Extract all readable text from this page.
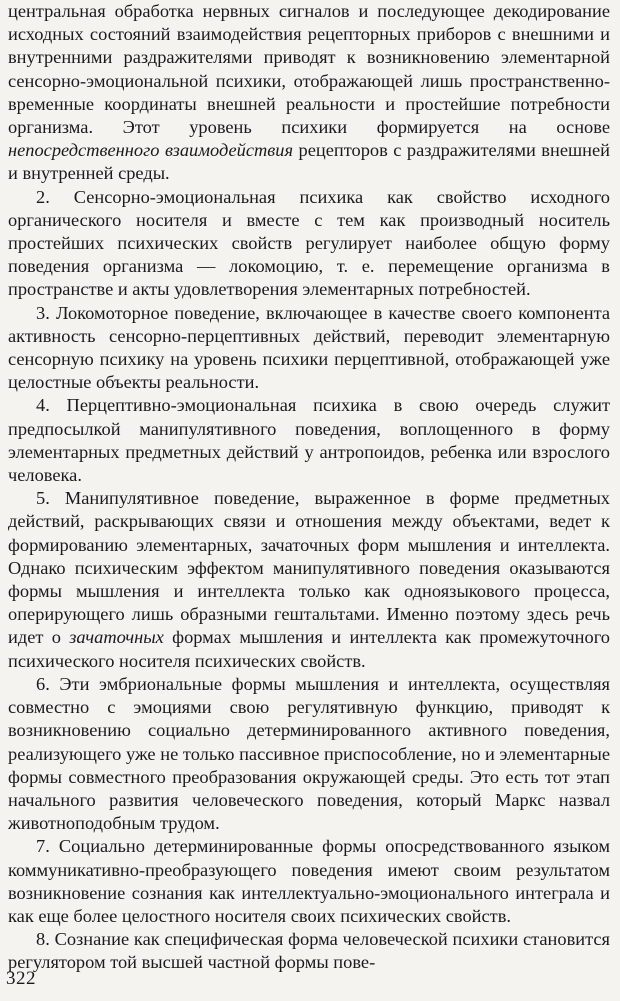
центральная обработка нервных сигналов и последующее декодирование исходных состояний взаимодействия рецепторных приборов с внешними и внутренними раздражителями приводят к возникновению элементарной сенсорно-эмоциональной психики, отображающей лишь пространственно-временные координаты внешней реальности и простейшие потребности организма. Этот уровень психики формируется на основе непосредственного взаимодействия рецепторов с раздражителями внешней и внутренней среды.

2. Сенсорно-эмоциональная психика как свойство исходного органического носителя и вместе с тем как производный носитель простейших психических свойств регулирует наиболее общую форму поведения организма — локомоцию, т. е. перемещение организма в пространстве и акты удовлетворения элементарных потребностей.

3. Локомоторное поведение, включающее в качестве своего компонента активность сенсорно-перцептивных действий, переводит элементарную сенсорную психику на уровень психики перцептивной, отображающей уже целостные объекты реальности.

4. Перцептивно-эмоциональная психика в свою очередь служит предпосылкой манипулятивного поведения, воплощенного в форму элементарных предметных действий у антропоидов, ребенка или взрослого человека.

5. Манипулятивное поведение, выраженное в форме предметных действий, раскрывающих связи и отношения между объектами, ведет к формированию элементарных, зачаточных форм мышления и интеллекта. Однако психическим эффектом манипулятивного поведения оказываются формы мышления и интеллекта только как одноязыкового процесса, оперирующего лишь образными гештальтами. Именно поэтому здесь речь идет о зачаточных формах мышления и интеллекта как промежуточного психического носителя психических свойств.

6. Эти эмбриональные формы мышления и интеллекта, осуществляя совместно с эмоциями свою регулятивную функцию, приводят к возникновению социально детерминированного активного поведения, реализующего уже не только пассивное приспособление, но и элементарные формы совместного преобразования окружающей среды. Это есть тот этап начального развития человеческого поведения, который Маркс назвал животноподобным трудом.

7. Социально детерминированные формы опосредствованного языком коммуникативно-преобразующего поведения имеют своим результатом возникновение сознания как интеллектуально-эмоционального интеграла и как еще более целостного носителя своих психических свойств.

8. Сознание как специфическая форма человеческой психики становится регулятором той высшей частной формы пове-

322
